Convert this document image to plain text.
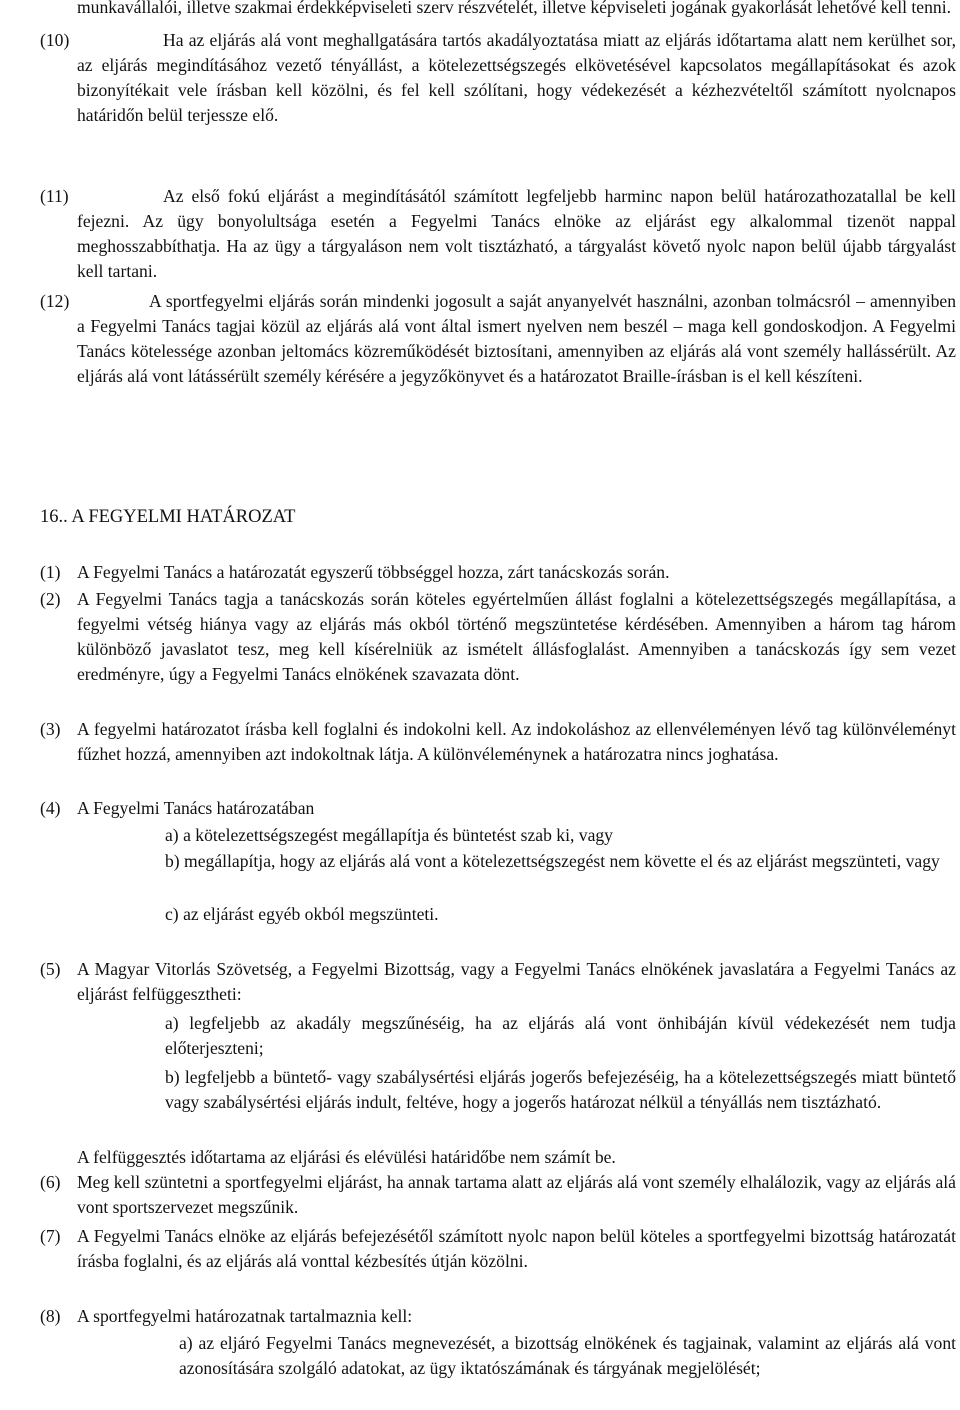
munkavállalói, illetve szakmai érdekképviseleti szerv részvételét, illetve képviseleti jogának gyakorlását lehetővé kell tenni.
(10)	Ha az eljárás alá vont meghallgatására tartós akadályoztatása miatt az eljárás időtartama alatt nem kerülhet sor, az eljárás megindításához vezető tényállást, a kötelezettségszegés elkövetésével kapcsolatos megállapításokat és azok bizonyítékait vele írásban kell közölni, és fel kell szólítani, hogy védekezését a kézhezvételtől számított nyolcnapos határidőn belül terjessze elő.
(11)	Az első fokú eljárást a megindításától számított legfeljebb harminc napon belül határozathozatallal be kell fejezni. Az ügy bonyolultsága esetén a Fegyelmi Tanács elnöke az eljárást egy alkalommal tizenöt nappal meghosszabbíthatja. Ha az ügy a tárgyaláson nem volt tisztázható, a tárgyalást követő nyolc napon belül újabb tárgyalást kell tartani.
(12)	A sportfegyelmi eljárás során mindenki jogosult a saját anyanyelvét használni, azonban tolmácsról – amennyiben a Fegyelmi Tanács tagjai közül az eljárás alá vont által ismert nyelven nem beszél – maga kell gondoskodjon. A Fegyelmi Tanács kötelessége azonban jeltomács közreműködését biztosítani, amennyiben az eljárás alá vont személy hallássérült. Az eljárás alá vont látássérült személy kérésére a jegyzőkönyvet és a határozatot Braille-írásban is el kell készíteni.
16.. A FEGYELMI HATÁROZAT
(1) A Fegyelmi Tanács a határozatát egyszerű többséggel hozza, zárt tanácskozás során.
(2) A Fegyelmi Tanács tagja a tanácskozás során köteles egyértelműen állást foglalni a kötelezettségszegés megállapítása, a fegyelmi vétség hiánya vagy az eljárás más okból történő megszüntetése kérdésében. Amennyiben a három tag három különböző javaslatot tesz, meg kell kísérelniük az ismételt állásfoglalást. Amennyiben a tanácskozás így sem vezet eredményre, úgy a Fegyelmi Tanács elnökének szavazata dönt.
(3) A fegyelmi határozatot írásba kell foglalni és indokolni kell. Az indokoláshoz az ellenvéleményen lévő tag különvéleményt fűzhet hozzá, amennyiben azt indokoltnak látja. A különvéleménynek a határozatra nincs joghatása.
(4) A Fegyelmi Tanács határozatában
a) a kötelezettségszegést megállapítja és büntetést szab ki, vagy
b) megállapítja, hogy az eljárás alá vont a kötelezettségszegést nem követte el és az eljárást megszünteti, vagy
c) az eljárást egyéb okból megszünteti.
(5) A Magyar Vitorlás Szövetség, a Fegyelmi Bizottság, vagy a Fegyelmi Tanács elnökének javaslatára a Fegyelmi Tanács az eljárást felfüggesztheti:
a) legfeljebb az akadály megszűnéséig, ha az eljárás alá vont önhibáján kívül védekezését nem tudja előterjeszteni;
b) legfeljebb a büntető- vagy szabálysértési eljárás jogerős befejezéséig, ha a kötelezettségszegés miatt büntető vagy szabálysértési eljárás indult, feltéve, hogy a jogerős határozat nélkül a tényállás nem tisztázható.
A felfüggesztés időtartama az eljárási és elévülési határidőbe nem számít be.
(6) Meg kell szüntetni a sportfegyelmi eljárást, ha annak tartama alatt az eljárás alá vont személy elhalálozik, vagy az eljárás alá vont sportszervezet megszűnik.
(7) A Fegyelmi Tanács elnöke az eljárás befejezésétől számított nyolc napon belül köteles a sportfegyelmi bizottság határozatát írásba foglalni, és az eljárás alá vonttal kézbesítés útján közölni.
(8) A sportfegyelmi határozatnak tartalmaznia kell:
a) az eljáró Fegyelmi Tanács megnevezését, a bizottság elnökének és tagjainak, valamint az eljárás alá vont azonosítására szolgáló adatokat, az ügy iktatószámának és tárgyának megjelölését;
